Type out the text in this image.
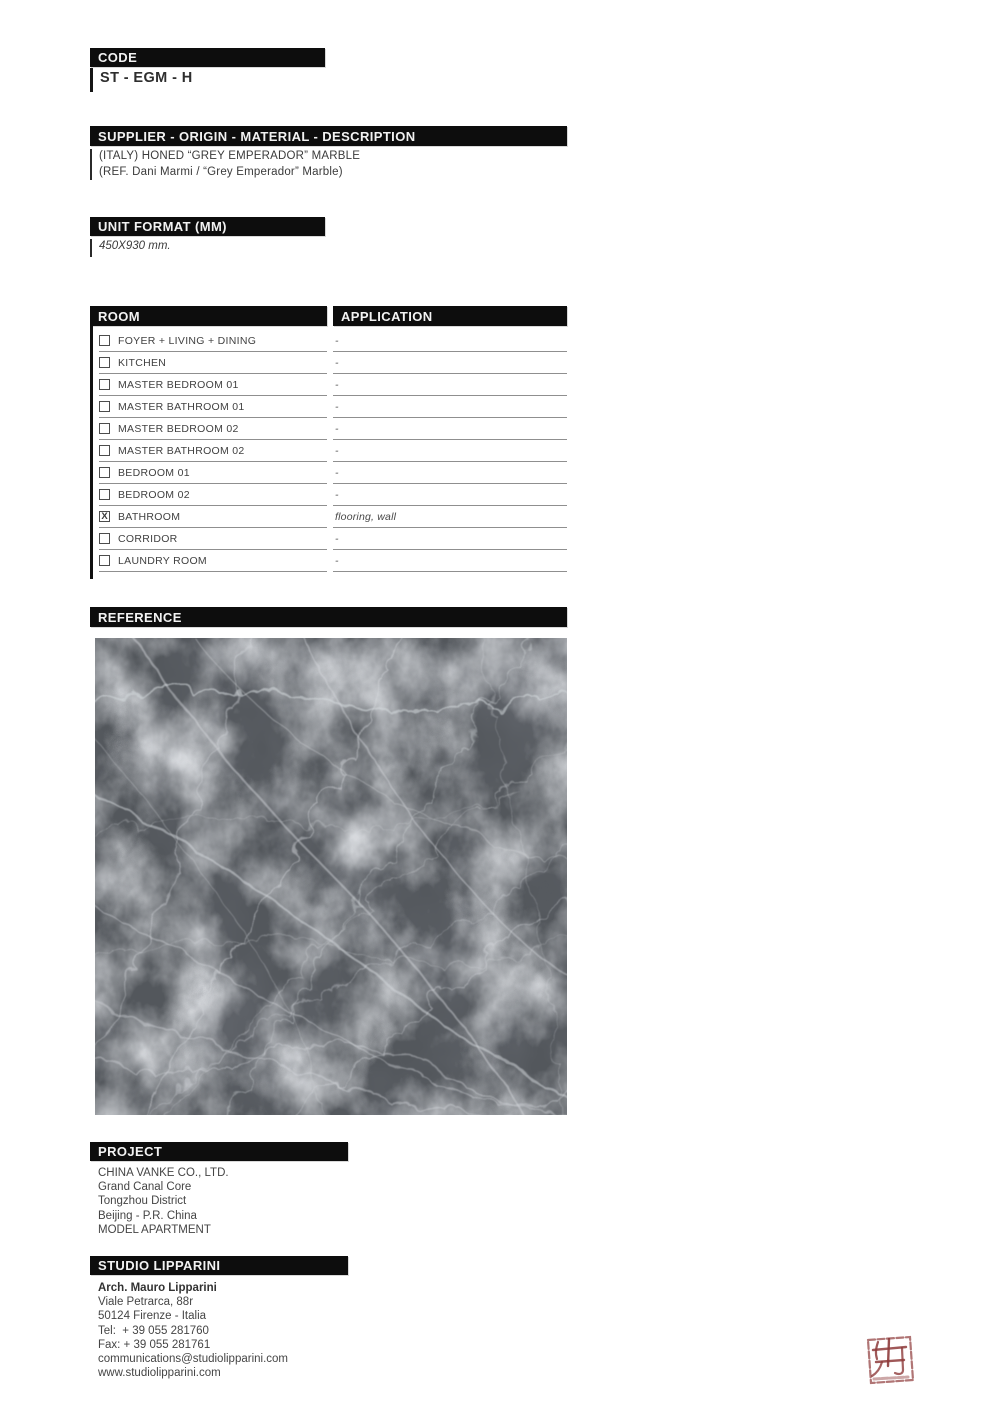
CODE
ST - EGM - H
SUPPLIER - ORIGIN - MATERIAL - DESCRIPTION
(ITALY) HONED “GREY EMPERADOR” MARBLE
(REF. Dani Marmi / “Grey Emperador” Marble)
UNIT FORMAT (MM)
450X930 mm.
ROOM	APPLICATION
FOYER + LIVING + DINING	-
KITCHEN	-
MASTER BEDROOM 01	-
MASTER BATHROOM 01	-
MASTER BEDROOM 02	-
MASTER BATHROOM 02	-
BEDROOM 01	-
BEDROOM 02	-
X BATHROOM	flooring, wall
CORRIDOR	-
LAUNDRY ROOM	-
REFERENCE
PROJECT
CHINA VANKE CO., LTD.
Grand Canal Core
Tongzhou District
Beijing - P.R. China
MODEL APARTMENT
STUDIO LIPPARINI
Arch. Mauro Lipparini
Viale Petrarca, 88r
50124 Firenze - Italia
Tel:  + 39 055 281760
Fax: + 39 055 281761
communications@studiolipparini.com
www.studiolipparini.com
